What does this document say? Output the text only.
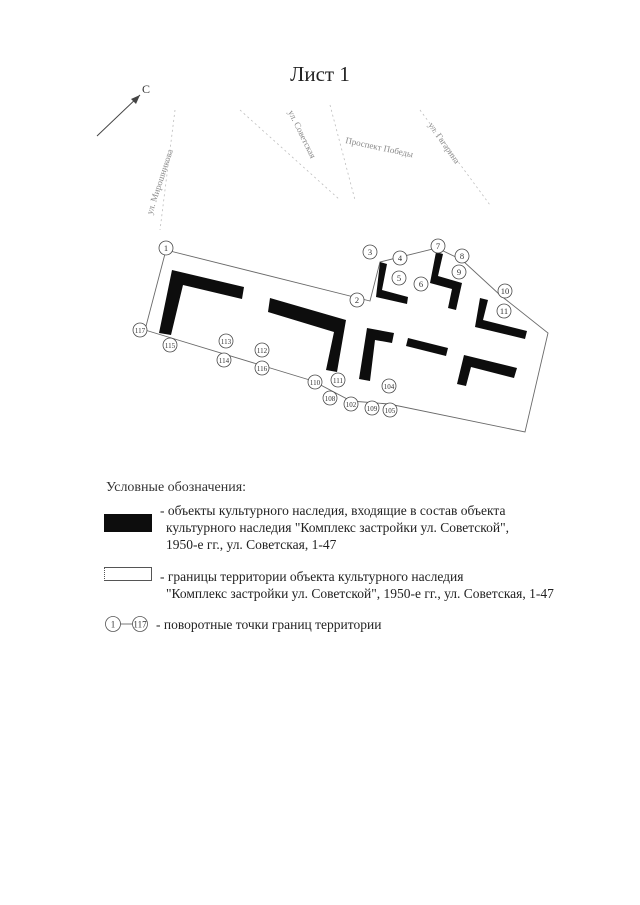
Лист 1
С
ул. Мирошникова
ул. Советская	Проспект Победы ул. Гагарина
1
2
3
4
5
6
7
8
9
10
11
102
104
105
108
109
110 111
112
113
114
115
116
117
Условные обозначения:
- объекты культурного наследия, входящие в состав объекта
культурного наследия "Комплекс застройки ул. Советской",
1950-е гг., ул. Советская, 1-47
- границы территории объекта культурного наследия
"Комплекс застройки ул. Советской", 1950-е гг., ул. Советская, 1-47
1 117 - поворотные точки границ территории
